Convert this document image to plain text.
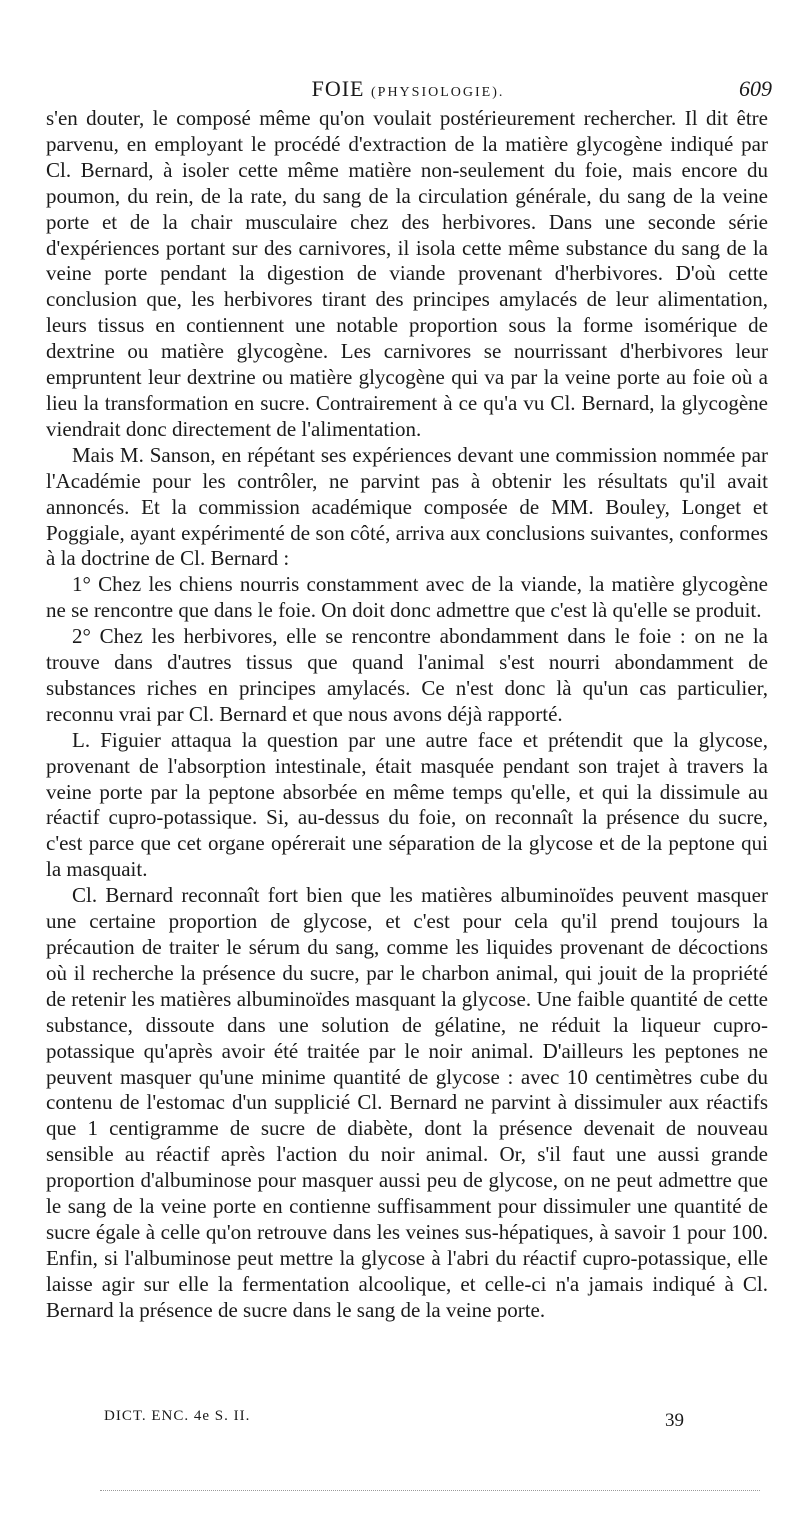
FOIE (PHYSIOLOGIE).	609

s'en douter, le composé même qu'on voulait postérieurement rechercher. Il dit être parvenu, en employant le procédé d'extraction de la matière glycogène indiqué par Cl. Bernard, à isoler cette même matière non-seulement du foie, mais encore du poumon, du rein, de la rate, du sang de la circulation générale, du sang de la veine porte et de la chair musculaire chez des herbivores. Dans une seconde série d'expériences portant sur des carnivores, il isola cette même substance du sang de la veine porte pendant la digestion de viande provenant d'herbivores. D'où cette conclusion que, les herbivores tirant des principes amylacés de leur alimentation, leurs tissus en contiennent une notable proportion sous la forme isomérique de dextrine ou matière glycogène. Les carnivores se nourrissant d'herbivores leur empruntent leur dextrine ou matière glycogène qui va par la veine porte au foie où a lieu la transformation en sucre. Contrairement à ce qu'a vu Cl. Bernard, la glycogène viendrait donc directement de l'alimentation.

Mais M. Sanson, en répétant ses expériences devant une commission nommée par l'Académie pour les contrôler, ne parvint pas à obtenir les résultats qu'il avait annoncés. Et la commission académique composée de MM. Bouley, Longet et Poggiale, ayant expérimenté de son côté, arriva aux conclusions suivantes, conformes à la doctrine de Cl. Bernard :

1° Chez les chiens nourris constamment avec de la viande, la matière glycogène ne se rencontre que dans le foie. On doit donc admettre que c'est là qu'elle se produit.

2° Chez les herbivores, elle se rencontre abondamment dans le foie : on ne la trouve dans d'autres tissus que quand l'animal s'est nourri abondamment de substances riches en principes amylacés. Ce n'est donc là qu'un cas particulier, reconnu vrai par Cl. Bernard et que nous avons déjà rapporté.

L. Figuier attaqua la question par une autre face et prétendit que la glycose, provenant de l'absorption intestinale, était masquée pendant son trajet à travers la veine porte par la peptone absorbée en même temps qu'elle, et qui la dissimule au réactif cupro-potassique. Si, au-dessus du foie, on reconnaît la présence du sucre, c'est parce que cet organe opérerait une séparation de la glycose et de la peptone qui la masquait.

Cl. Bernard reconnaît fort bien que les matières albuminoïdes peuvent masquer une certaine proportion de glycose, et c'est pour cela qu'il prend toujours la précaution de traiter le sérum du sang, comme les liquides provenant de décoctions où il recherche la présence du sucre, par le charbon animal, qui jouit de la propriété de retenir les matières albuminoïdes masquant la glycose. Une faible quantité de cette substance, dissoute dans une solution de gélatine, ne réduit la liqueur cupro-potassique qu'après avoir été traitée par le noir animal. D'ailleurs les peptones ne peuvent masquer qu'une minime quantité de glycose : avec 10 centimètres cube du contenu de l'estomac d'un supplicié Cl. Bernard ne parvint à dissimuler aux réactifs que 1 centigramme de sucre de diabète, dont la présence devenait de nouveau sensible au réactif après l'action du noir animal. Or, s'il faut une aussi grande proportion d'albuminose pour masquer aussi peu de glycose, on ne peut admettre que le sang de la veine porte en contienne suffisamment pour dissimuler une quantité de sucre égale à celle qu'on retrouve dans les veines sus-hépatiques, à savoir 1 pour 100. Enfin, si l'albuminose peut mettre la glycose à l'abri du réactif cupro-potassique, elle laisse agir sur elle la fermentation alcoolique, et celle-ci n'a jamais indiqué à Cl. Bernard la présence de sucre dans le sang de la veine porte.

DICT. ENC. 4e S. II.	39
